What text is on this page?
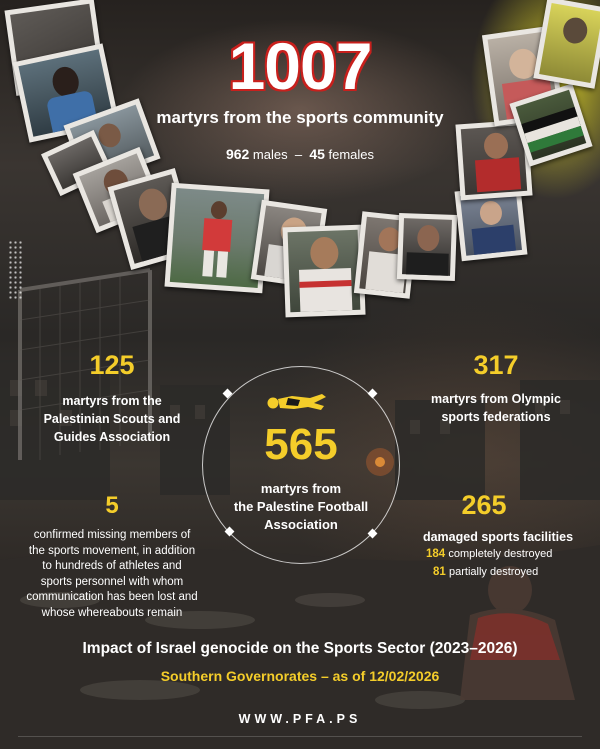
1007
martyrs from the sports community
962 males – 45 females
565
martyrs from
the Palestine Football
Association
125
martyrs from the
Palestinian Scouts and
Guides Association
317
martyrs from Olympic
sports federations
5
confirmed missing members of
the sports movement, in addition
to hundreds of athletes and
sports personnel with whom
communication has been lost and
whose whereabouts remain
265
damaged sports facilities
184 completely destroyed
81 partially destroyed
Impact of Israel genocide on the Sports Sector (2023–2026)
Southern Governorates – as of 12/02/2026
WWW.PFA.PS
